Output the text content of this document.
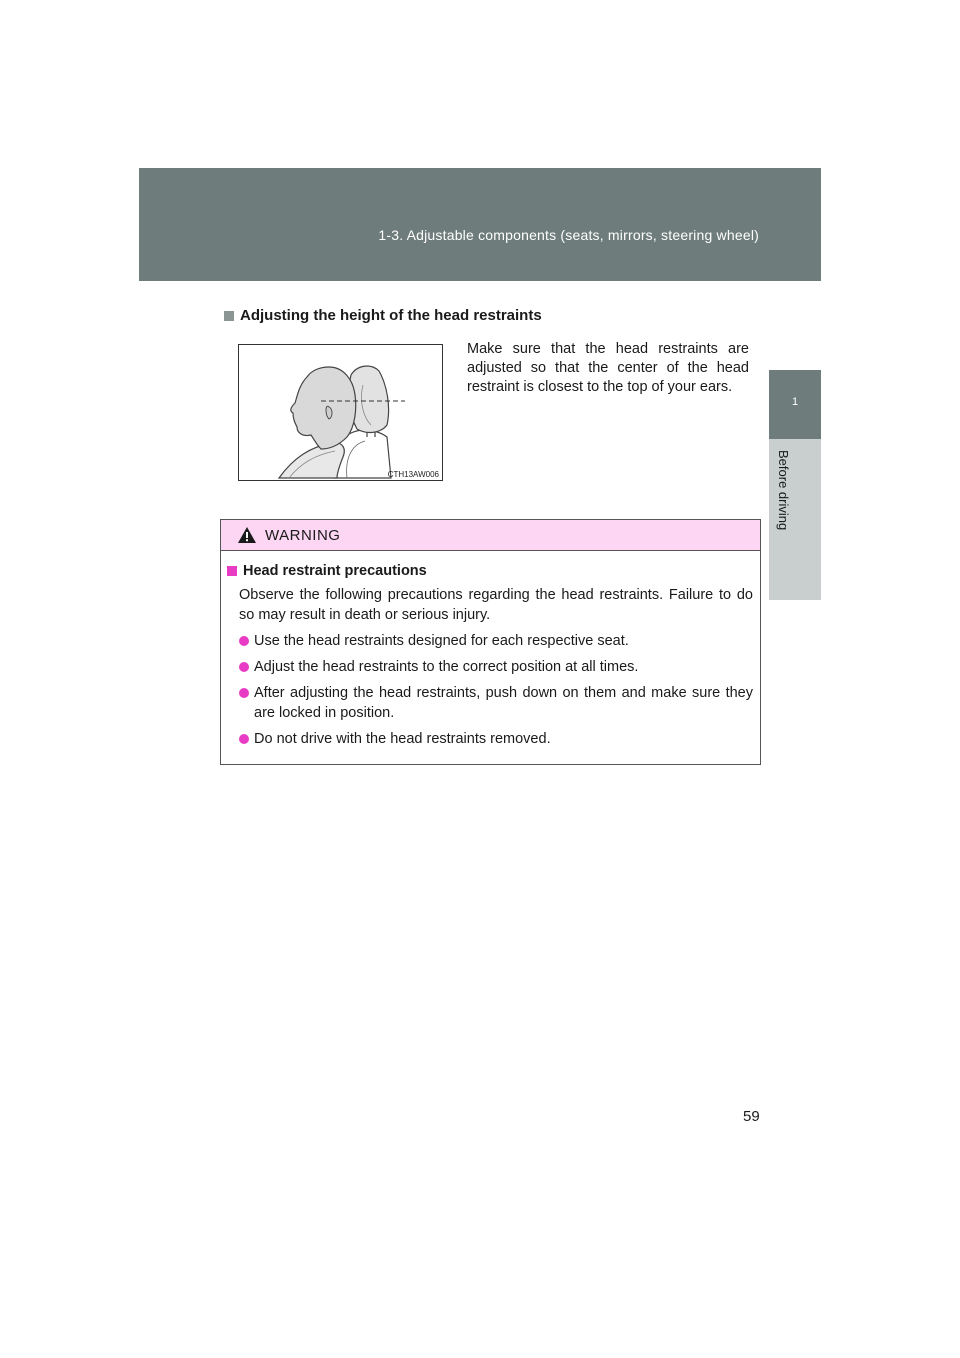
1-3. Adjustable components (seats, mirrors, steering wheel)
1
Before driving
Adjusting the height of the head restraints
CTH13AW006
Make sure that the head restraints are adjusted so that the center of the head restraint is closest to the top of your ears.
WARNING
Head restraint precautions
Observe the following precautions regarding the head restraints. Failure to do so may result in death or serious injury.
Use the head restraints designed for each respective seat.
Adjust the head restraints to the correct position at all times.
After adjusting the head restraints, push down on them and make sure they are locked in position.
Do not drive with the head restraints removed.
59
